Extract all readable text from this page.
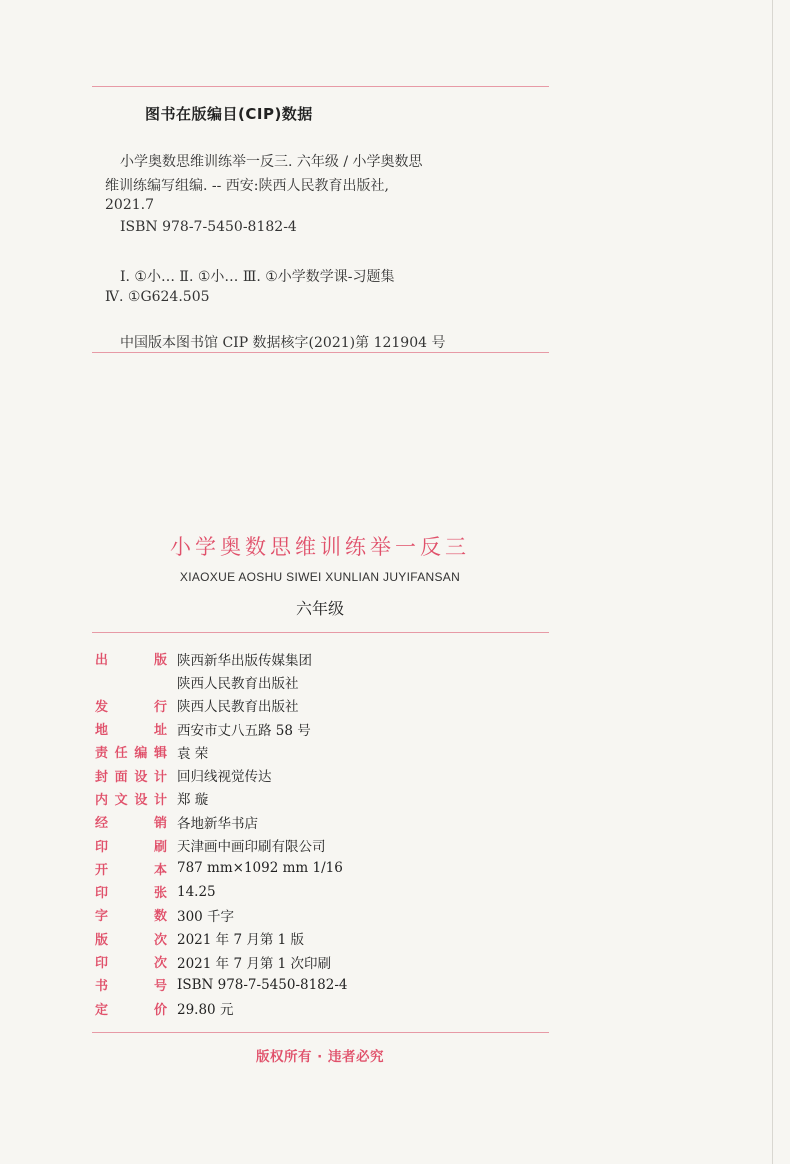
图书在版编目(CIP)数据
小学奥数思维训练举一反三. 六年级 / 小学奥数思
维训练编写组编. -- 西安:陕西人民教育出版社,
2021.7
ISBN 978-7-5450-8182-4
Ⅰ. ①小… Ⅱ. ①小… Ⅲ. ①小学数学课-习题集
Ⅳ. ①G624.505
中国版本图书馆 CIP 数据核字(2021)第 121904 号
小学奥数思维训练举一反三
XIAOXUE AOSHU SIWEI XUNLIAN JUYIFANSAN
六年级
出	版 陕西新华出版传媒集团
陕西人民教育出版社
发	行 陕西人民教育出版社
地	址 西安市丈八五路 58 号
责 任 编 辑 袁 荣
封 面 设 计 回归线视觉传达
内 文 设 计 郑 璇
经	销 各地新华书店
印	刷 天津画中画印刷有限公司
开	本 787 mm×1092 mm 1/16
印	张 14.25
字	数 300 千字
版	次 2021 年 7 月第 1 版
印	次 2021 年 7 月第 1 次印刷
书	号 ISBN 978-7-5450-8182-4
定	价 29.80 元
版权所有 · 违者必究
